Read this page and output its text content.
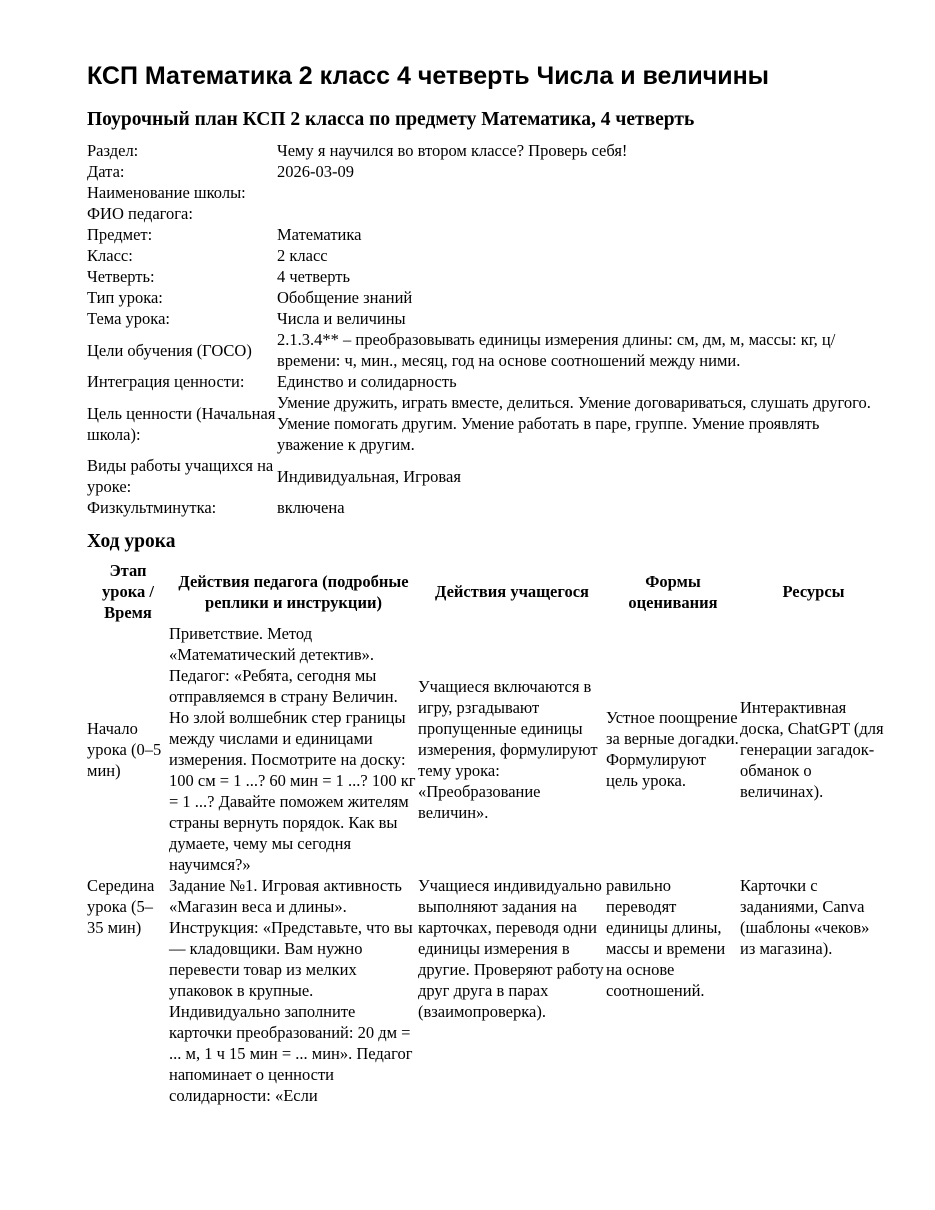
КСП Математика 2 класс 4 четверть Числа и величины
Поурочный план КСП 2 класса по предмету Математика, 4 четверть
Раздел:	Чему я научился во втором классе? Проверь себя!
Дата:	2026-03-09
Наименование школы:	
ФИО педагога:	
Предмет:	Математика
Класс:	2 класс
Четверть:	4 четверть
Тип урока:	Обобщение знаний
Тема урока:	Числа и величины
Цели обучения (ГОСО)	2.1.3.4** – преобразовывать единицы измерения длины: см, дм, м, массы: кг, ц/ времени: ч, мин., месяц, год на основе соотношений между ними.
Интеграция ценности:	Единство и солидарность
Цель ценности (Начальная школа):	Умение дружить, играть вместе, делиться. Умение договариваться, слушать другого. Умение помогать другим. Умение работать в паре, группе. Умение проявлять уважение к другим.
Виды работы учащихся на уроке:	Индивидуальная, Игровая
Физкультминутка:	включена
Ход урока
Этап урока / Время	Действия педагога (подробные реплики и инструкции)	Действия учащегося	Формы оценивания	Ресурсы
Начало урока (0–5 мин)	Приветствие. Метод «Математический детектив». Педагог: «Ребята, сегодня мы отправляемся в страну Величин. Но злой волшебник стер границы между числами и единицами измерения. Посмотрите на доску: 100 см = 1 ...? 60 мин = 1 ...? 100 кг = 1 ...? Давайте поможем жителям страны вернуть порядок. Как вы думаете, чему мы сегодня научимся?»	Учащиеся включаются в игру, рзгадывают пропущенные единицы измерения, формулируют тему урока: «Преобразование величин».	Устное поощрение за верные догадки. Формулируют цель урока.	Интерактивная доска, ChatGPT (для генерации загадок-обманок о величинах).
Середина урока (5–35 мин)	Задание №1. Игровая активность «Магазин веса и длины». Инструкция: «Представьте, что вы — кладовщики. Вам нужно перевести товар из мелких упаковок в крупные. Индивидуально заполните карточки преобразований: 20 дм = ... м, 1 ч 15 мин = ... мин». Педагог напоминает о ценности солидарности: «Если	Учащиеся индивидуально выполняют задания на карточках, переводя одни единицы измерения в другие. Проверяют работу друг друга в парах (взаимопроверка).	равильно переводят единицы длины, массы и времени на основе соотношений.	Карточки с заданиями, Canva (шаблоны «чеков» из магазина).
